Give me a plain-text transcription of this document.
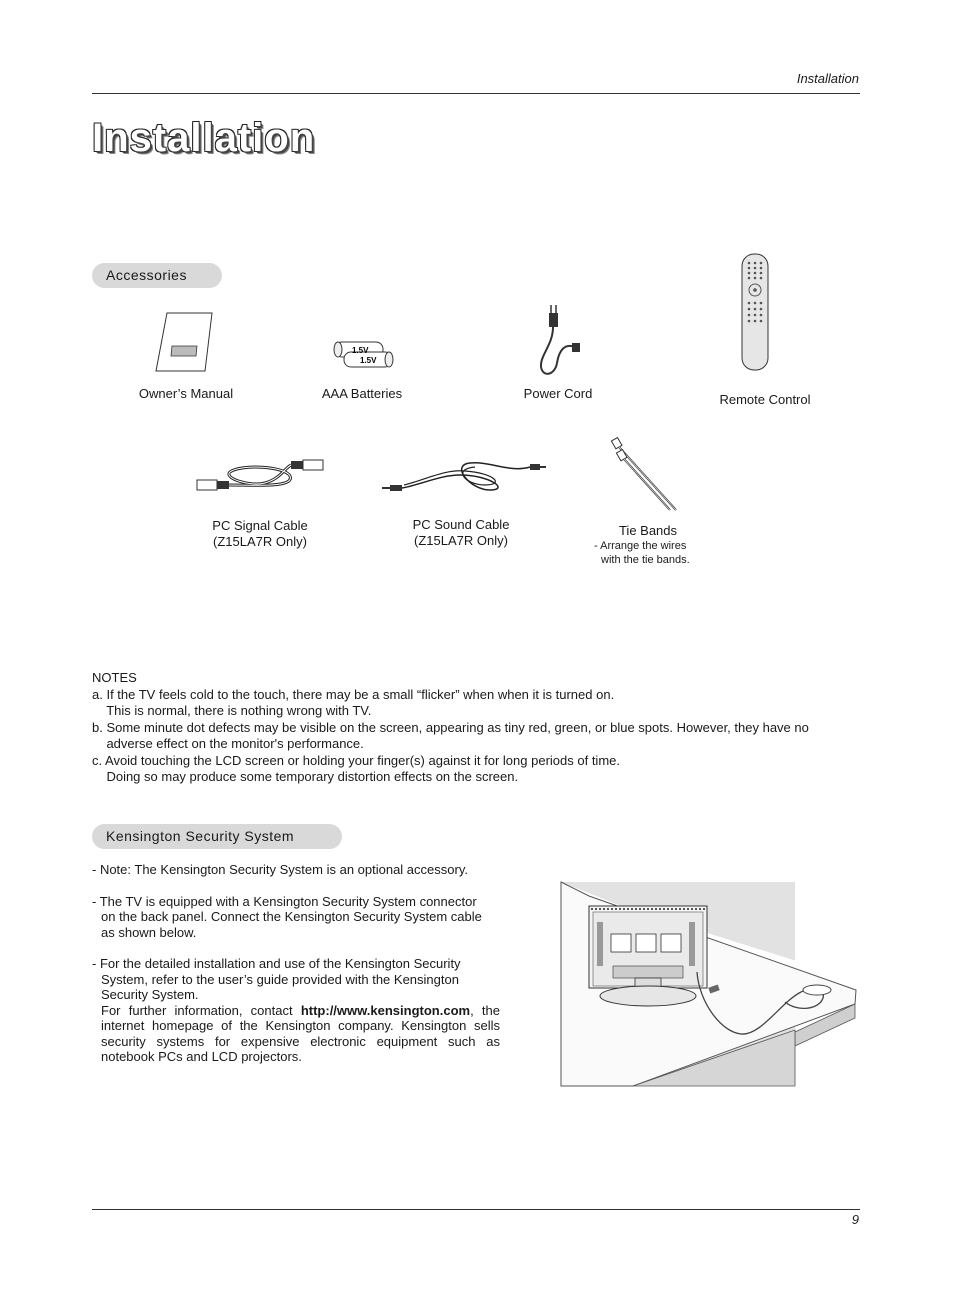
Installation
Installation
Accessories
Owner’s Manual
1.5V
1.5V
AAA Batteries	Power Cord	Remote Control
PC Signal Cable
(Z15LA7R Only)
PC Sound Cable
(Z15LA7R Only)
Tie Bands
- Arrange the wires
with the tie bands.
NOTES
a. If the TV feels cold to the touch, there may be a small “flicker” when when it is turned on.
This is normal, there is nothing wrong with TV.
b. Some minute dot defects may be visible on the screen, appearing as tiny red, green, or blue spots. However, they have no
adverse effect on the monitor's performance.
c. Avoid touching the LCD screen or holding your finger(s) against it for long periods of time.
Doing so may produce some temporary distortion effects on the screen.
Kensington Security System

- Note: The Kensington Security System is an optional accessory.

- The TV is equipped with a Kensington Security System connector
on the back panel. Connect the Kensington Security System cable
as shown below.

- For the detailed installation and use of the Kensington Security
System, refer to the user’s guide provided with the Kensington
Security System.

For further information, contact http://www.kensington.com, the internet homepage of the Kensington company. Kensington sells security systems for expensive electronic equipment such as notebook PCs and LCD projectors.
9
